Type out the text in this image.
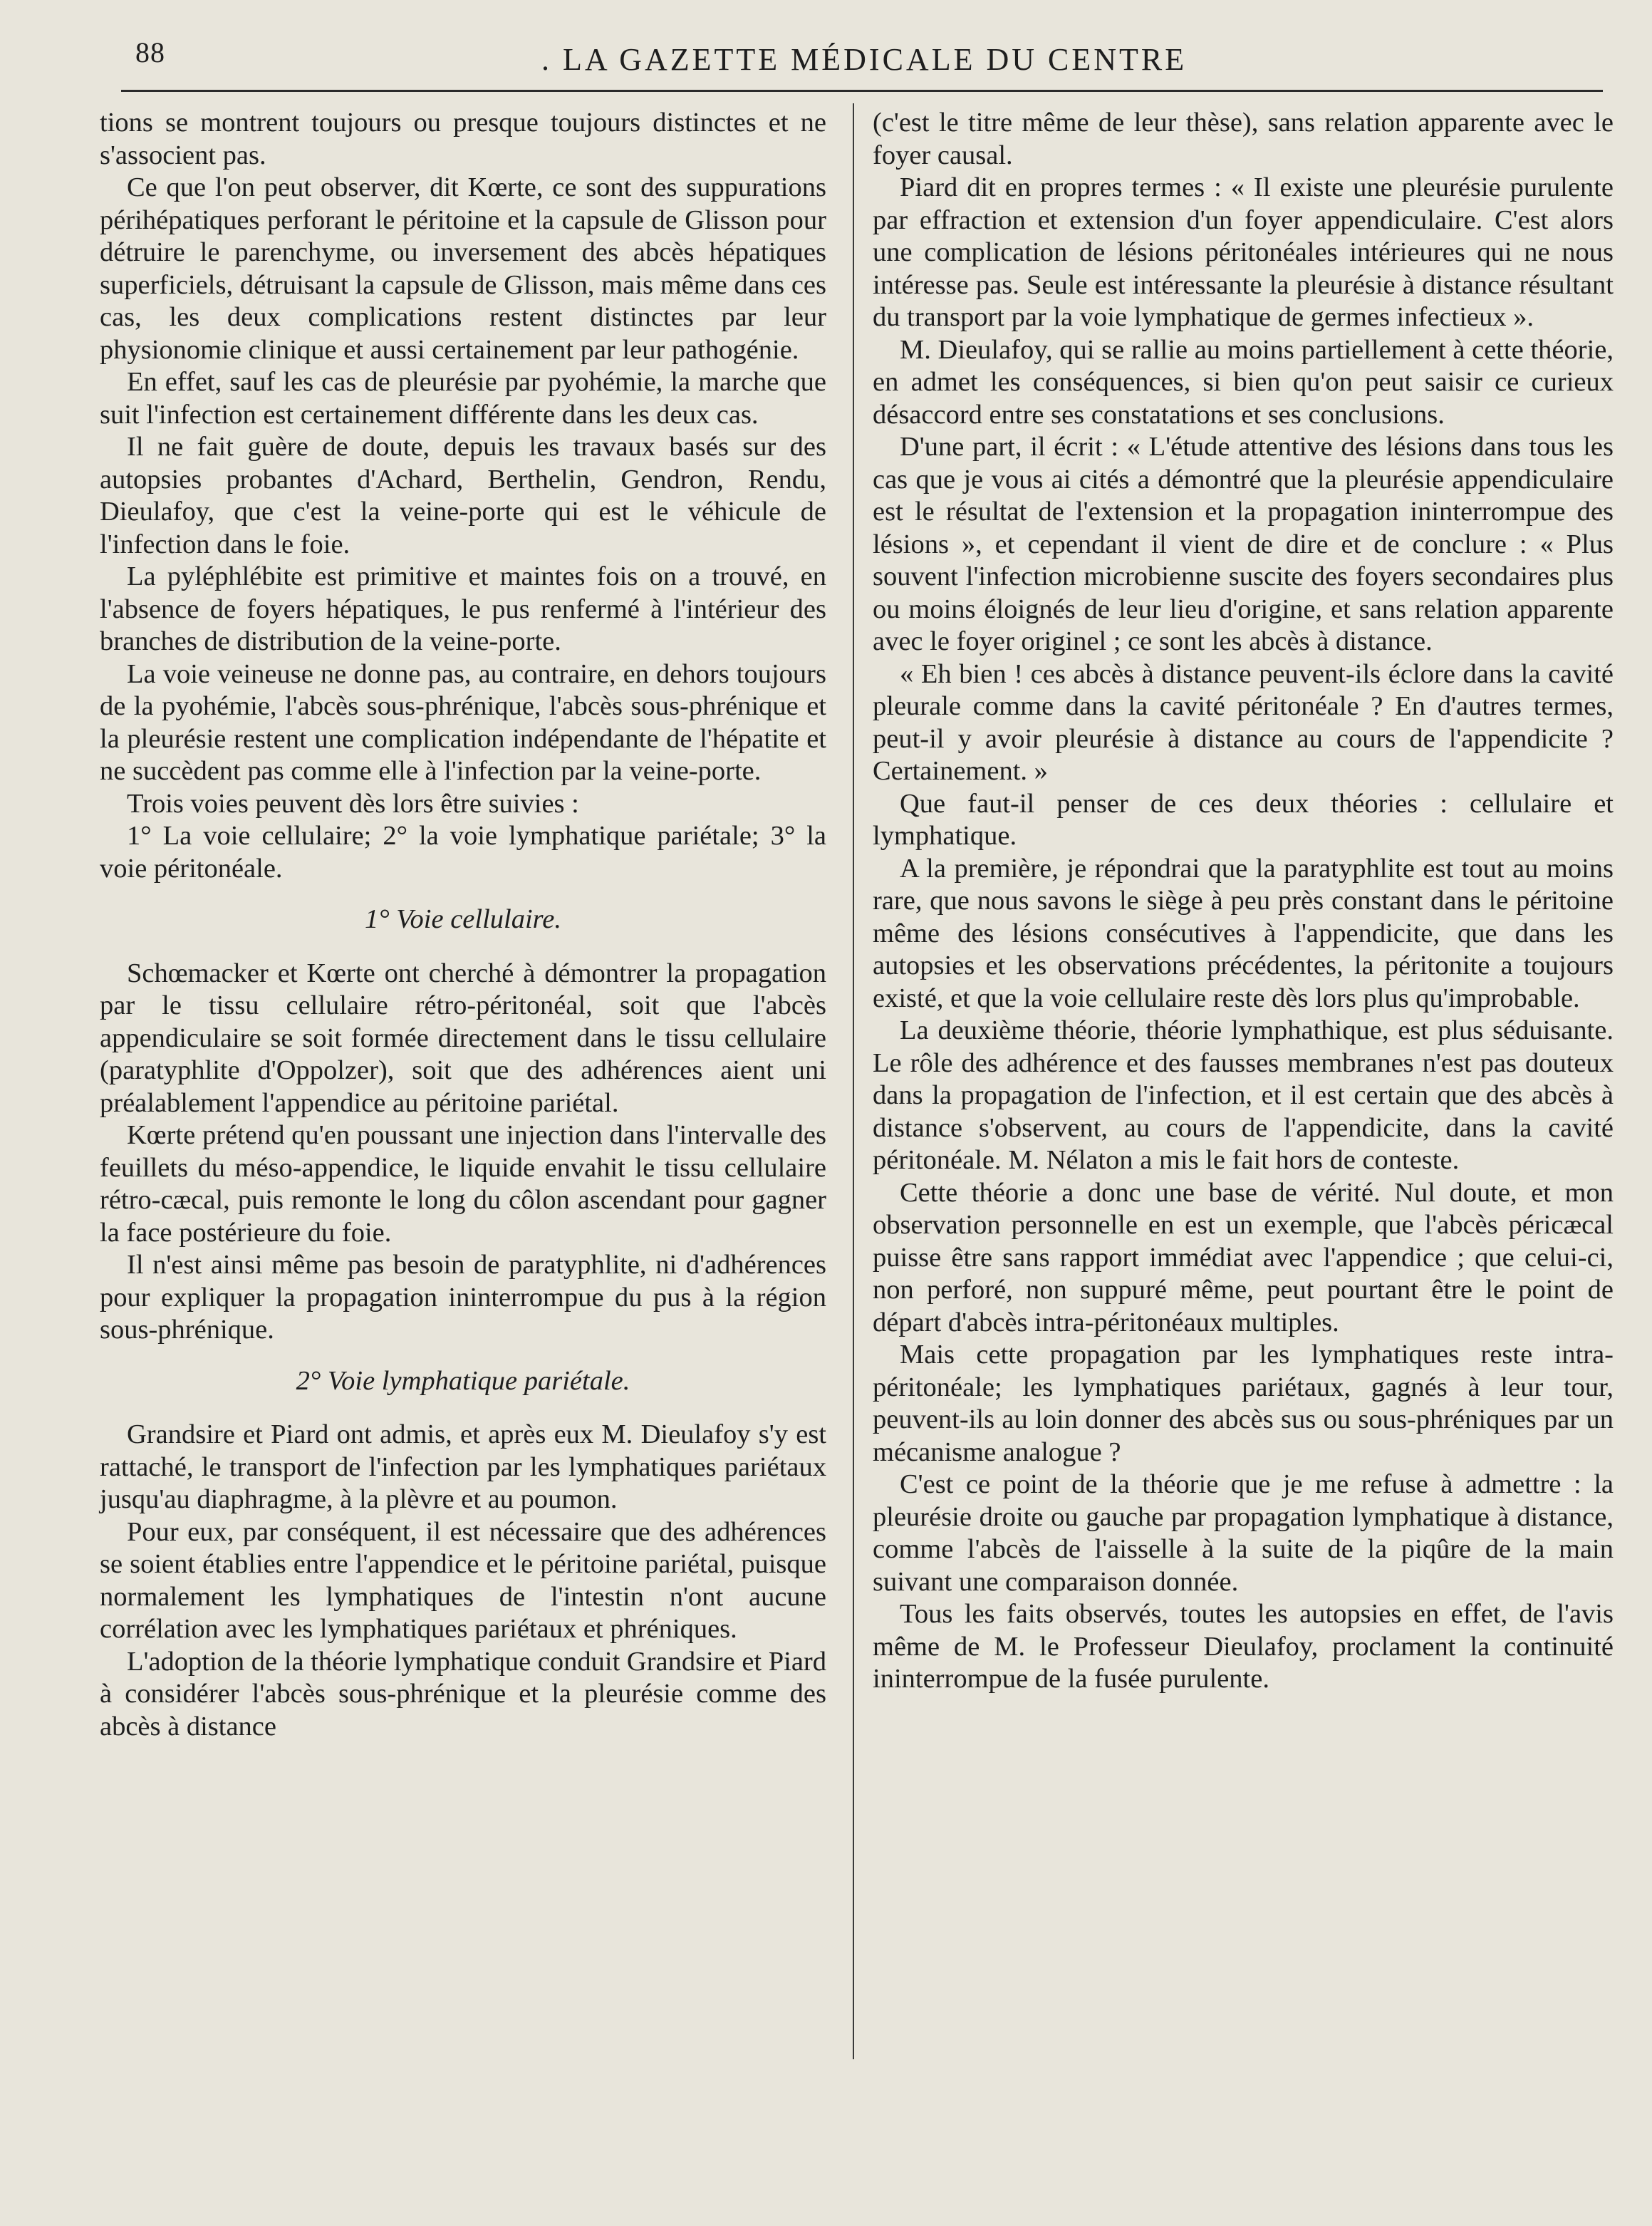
88	. LA GAZETTE MÉDICALE DU CENTRE

tions se montrent toujours ou presque toujours distinctes et ne s'associent pas.

Ce que l'on peut observer, dit Kœrte, ce sont des suppurations périhépatiques perforant le péritoine et la capsule de Glisson pour détruire le parenchyme, ou inversement des abcès hépatiques superficiels, détruisant la capsule de Glisson, mais même dans ces cas, les deux complications restent distinctes par leur physionomie clinique et aussi certainement par leur pathogénie.

En effet, sauf les cas de pleurésie par pyohémie, la marche que suit l'infection est certainement différente dans les deux cas.

Il ne fait guère de doute, depuis les travaux basés sur des autopsies probantes d'Achard, Berthelin, Gendron, Rendu, Dieulafoy, que c'est la veine-porte qui est le véhicule de l'infection dans le foie.

La pyléphlébite est primitive et maintes fois on a trouvé, en l'absence de foyers hépatiques, le pus renfermé à l'intérieur des branches de distribution de la veine-porte.

La voie veineuse ne donne pas, au contraire, en dehors toujours de la pyohémie, l'abcès sous-phrénique, l'abcès sous-phrénique et la pleurésie restent une complication indépendante de l'hépatite et ne succèdent pas comme elle à l'infection par la veine-porte.

Trois voies peuvent dès lors être suivies :

1° La voie cellulaire; 2° la voie lymphatique pariétale; 3° la voie péritonéale.

1° Voie cellulaire.

Schœmacker et Kœrte ont cherché à démontrer la propagation par le tissu cellulaire rétro-péritonéal, soit que l'abcès appendiculaire se soit formée directement dans le tissu cellulaire (paratyphlite d'Oppolzer), soit que des adhérences aient uni préalablement l'appendice au péritoine pariétal.

Kœrte prétend qu'en poussant une injection dans l'intervalle des feuillets du méso-appendice, le liquide envahit le tissu cellulaire rétro-cæcal, puis remonte le long du côlon ascendant pour gagner la face postérieure du foie.

Il n'est ainsi même pas besoin de paratyphlite, ni d'adhérences pour expliquer la propagation ininterrompue du pus à la région sous-phrénique.

2° Voie lymphatique pariétale.

Grandsire et Piard ont admis, et après eux M. Dieulafoy s'y est rattaché, le transport de l'infection par les lymphatiques pariétaux jusqu'au diaphragme, à la plèvre et au poumon.

Pour eux, par conséquent, il est nécessaire que des adhérences se soient établies entre l'appendice et le péritoine pariétal, puisque normalement les lymphatiques de l'intestin n'ont aucune corrélation avec les lymphatiques pariétaux et phréniques.

L'adoption de la théorie lymphatique conduit Grandsire et Piard à considérer l'abcès sous-phrénique et la pleurésie comme des abcès à distance

(c'est le titre même de leur thèse), sans relation apparente avec le foyer causal.

Piard dit en propres termes : « Il existe une pleurésie purulente par effraction et extension d'un foyer appendiculaire. C'est alors une complication de lésions péritonéales intérieures qui ne nous intéresse pas. Seule est intéressante la pleurésie à distance résultant du transport par la voie lymphatique de germes infectieux ».

M. Dieulafoy, qui se rallie au moins partiellement à cette théorie, en admet les conséquences, si bien qu'on peut saisir ce curieux désaccord entre ses constatations et ses conclusions.

D'une part, il écrit : « L'étude attentive des lésions dans tous les cas que je vous ai cités a démontré que la pleurésie appendiculaire est le résultat de l'extension et la propagation ininterrompue des lésions », et cependant il vient de dire et de conclure : « Plus souvent l'infection microbienne suscite des foyers secondaires plus ou moins éloignés de leur lieu d'origine, et sans relation apparente avec le foyer originel ; ce sont les abcès à distance.

« Eh bien ! ces abcès à distance peuvent-ils éclore dans la cavité pleurale comme dans la cavité péritonéale ? En d'autres termes, peut-il y avoir pleurésie à distance au cours de l'appendicite ? Certainement. »

Que faut-il penser de ces deux théories : cellulaire et lymphatique.

A la première, je répondrai que la paratyphlite est tout au moins rare, que nous savons le siège à peu près constant dans le péritoine même des lésions consécutives à l'appendicite, que dans les autopsies et les observations précédentes, la péritonite a toujours existé, et que la voie cellulaire reste dès lors plus qu'improbable.

La deuxième théorie, théorie lymphathique, est plus séduisante. Le rôle des adhérence et des fausses membranes n'est pas douteux dans la propagation de l'infection, et il est certain que des abcès à distance s'observent, au cours de l'appendicite, dans la cavité péritonéale. M. Nélaton a mis le fait hors de conteste.

Cette théorie a donc une base de vérité. Nul doute, et mon observation personnelle en est un exemple, que l'abcès péricæcal puisse être sans rapport immédiat avec l'appendice ; que celui-ci, non perforé, non suppuré même, peut pourtant être le point de départ d'abcès intra-péritonéaux multiples.

Mais cette propagation par les lymphatiques reste intra-péritonéale; les lymphatiques pariétaux, gagnés à leur tour, peuvent-ils au loin donner des abcès sus ou sous-phréniques par un mécanisme analogue ?

C'est ce point de la théorie que je me refuse à admettre : la pleurésie droite ou gauche par propagation lymphatique à distance, comme l'abcès de l'aisselle à la suite de la piqûre de la main suivant une comparaison donnée.

Tous les faits observés, toutes les autopsies en effet, de l'avis même de M. le Professeur Dieulafoy, proclament la continuité ininterrompue de la fusée purulente.
